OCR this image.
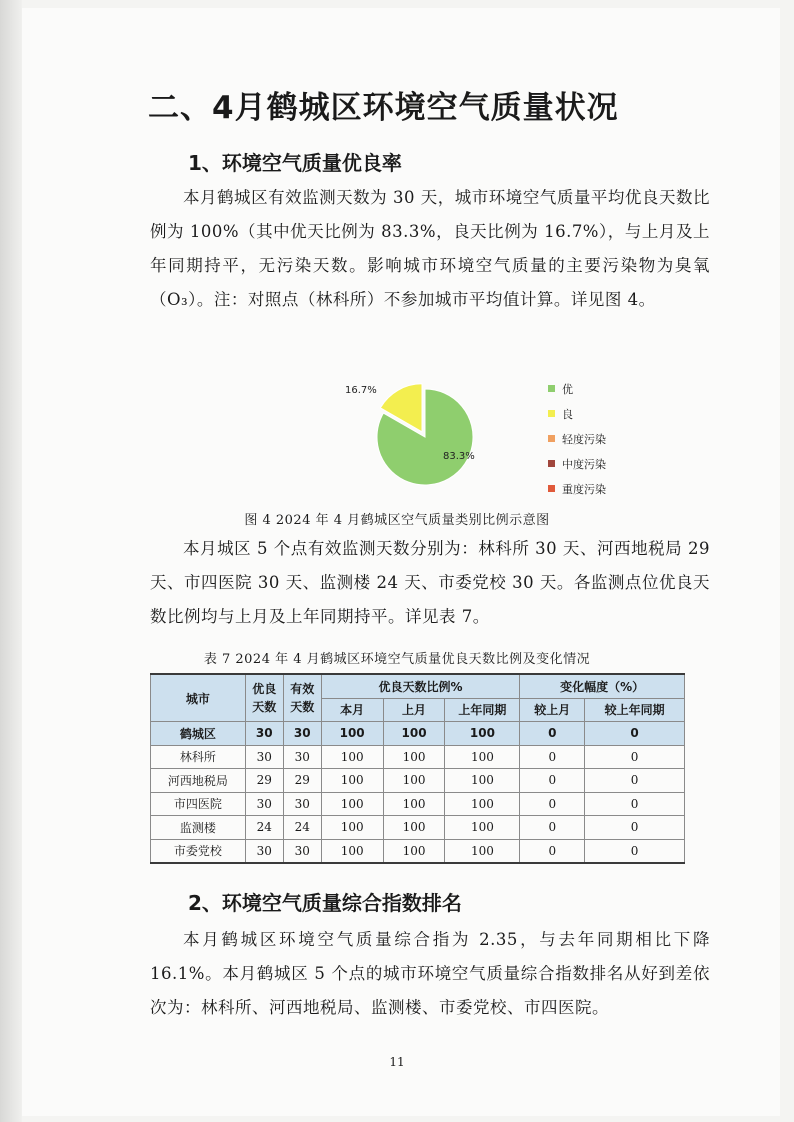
二、4月鹤城区环境空气质量状况
1、环境空气质量优良率

本月鹤城区有效监测天数为 30 天，城市环境空气质量平均优良天数比例为 100%（其中优天比例为 83.3%，良天比例为 16.7%），与上月及上年同期持平，无污染天数。影响城市环境空气质量的主要污染物为臭氧（O₃）。注：对照点（林科所）不参加城市平均值计算。详见图 4。

83.3%
16.7%	优
良
轻度污染
中度污染
重度污染
图 4 2024 年 4 月鹤城区空气质量类别比例示意图

本月城区 5 个点有效监测天数分别为：林科所 30 天、河西地税局 29 天、市四医院 30 天、监测楼 24 天、市委党校 30 天。各监测点位优良天数比例均与上月及上年同期持平。详见表 7。

表 7 2024 年 4 月鹤城区环境空气质量优良天数比例及变化情况
城市	优良天数	有效天数	优良天数比例%			变化幅度（%）	
			本月	上月	上年同期	较上月	较上年同期
鹤城区	30	30	100	100	100	0	0
林科所	30	30	100	100	100	0	0
河西地税局	29	29	100	100	100	0	0
市四医院	30	30	100	100	100	0	0
监测楼	24	24	100	100	100	0	0
市委党校	30	30	100	100	100	0	0
2、环境空气质量综合指数排名

本月鹤城区环境空气质量综合指为 2.35，与去年同期相比下降 16.1%。本月鹤城区 5 个点的城市环境空气质量综合指数排名从好到差依次为：林科所、河西地税局、监测楼、市委党校、市四医院。

11
